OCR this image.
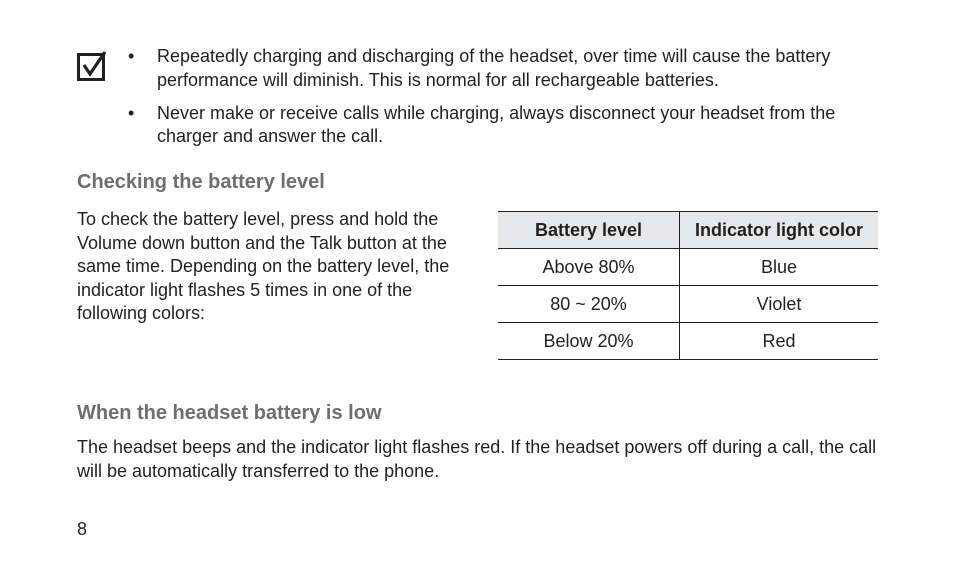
• Repeatedly charging and discharging of the headset, over time will cause the battery performance will diminish. This is normal for all rechargeable batteries.
• Never make or receive calls while charging, always disconnect your headset from the charger and answer the call.
Checking the battery level

To check the battery level, press and hold the Volume down button and the Talk button at the same time. Depending on the battery level, the indicator light flashes 5 times in one of the following colors:

Battery level	Indicator light color
Above 80%	Blue
80 ~ 20%	Violet
Below 20%	Red
When the headset battery is low

The headset beeps and the indicator light flashes red. If the headset powers off during a call, the call will be automatically transferred to the phone.

8
